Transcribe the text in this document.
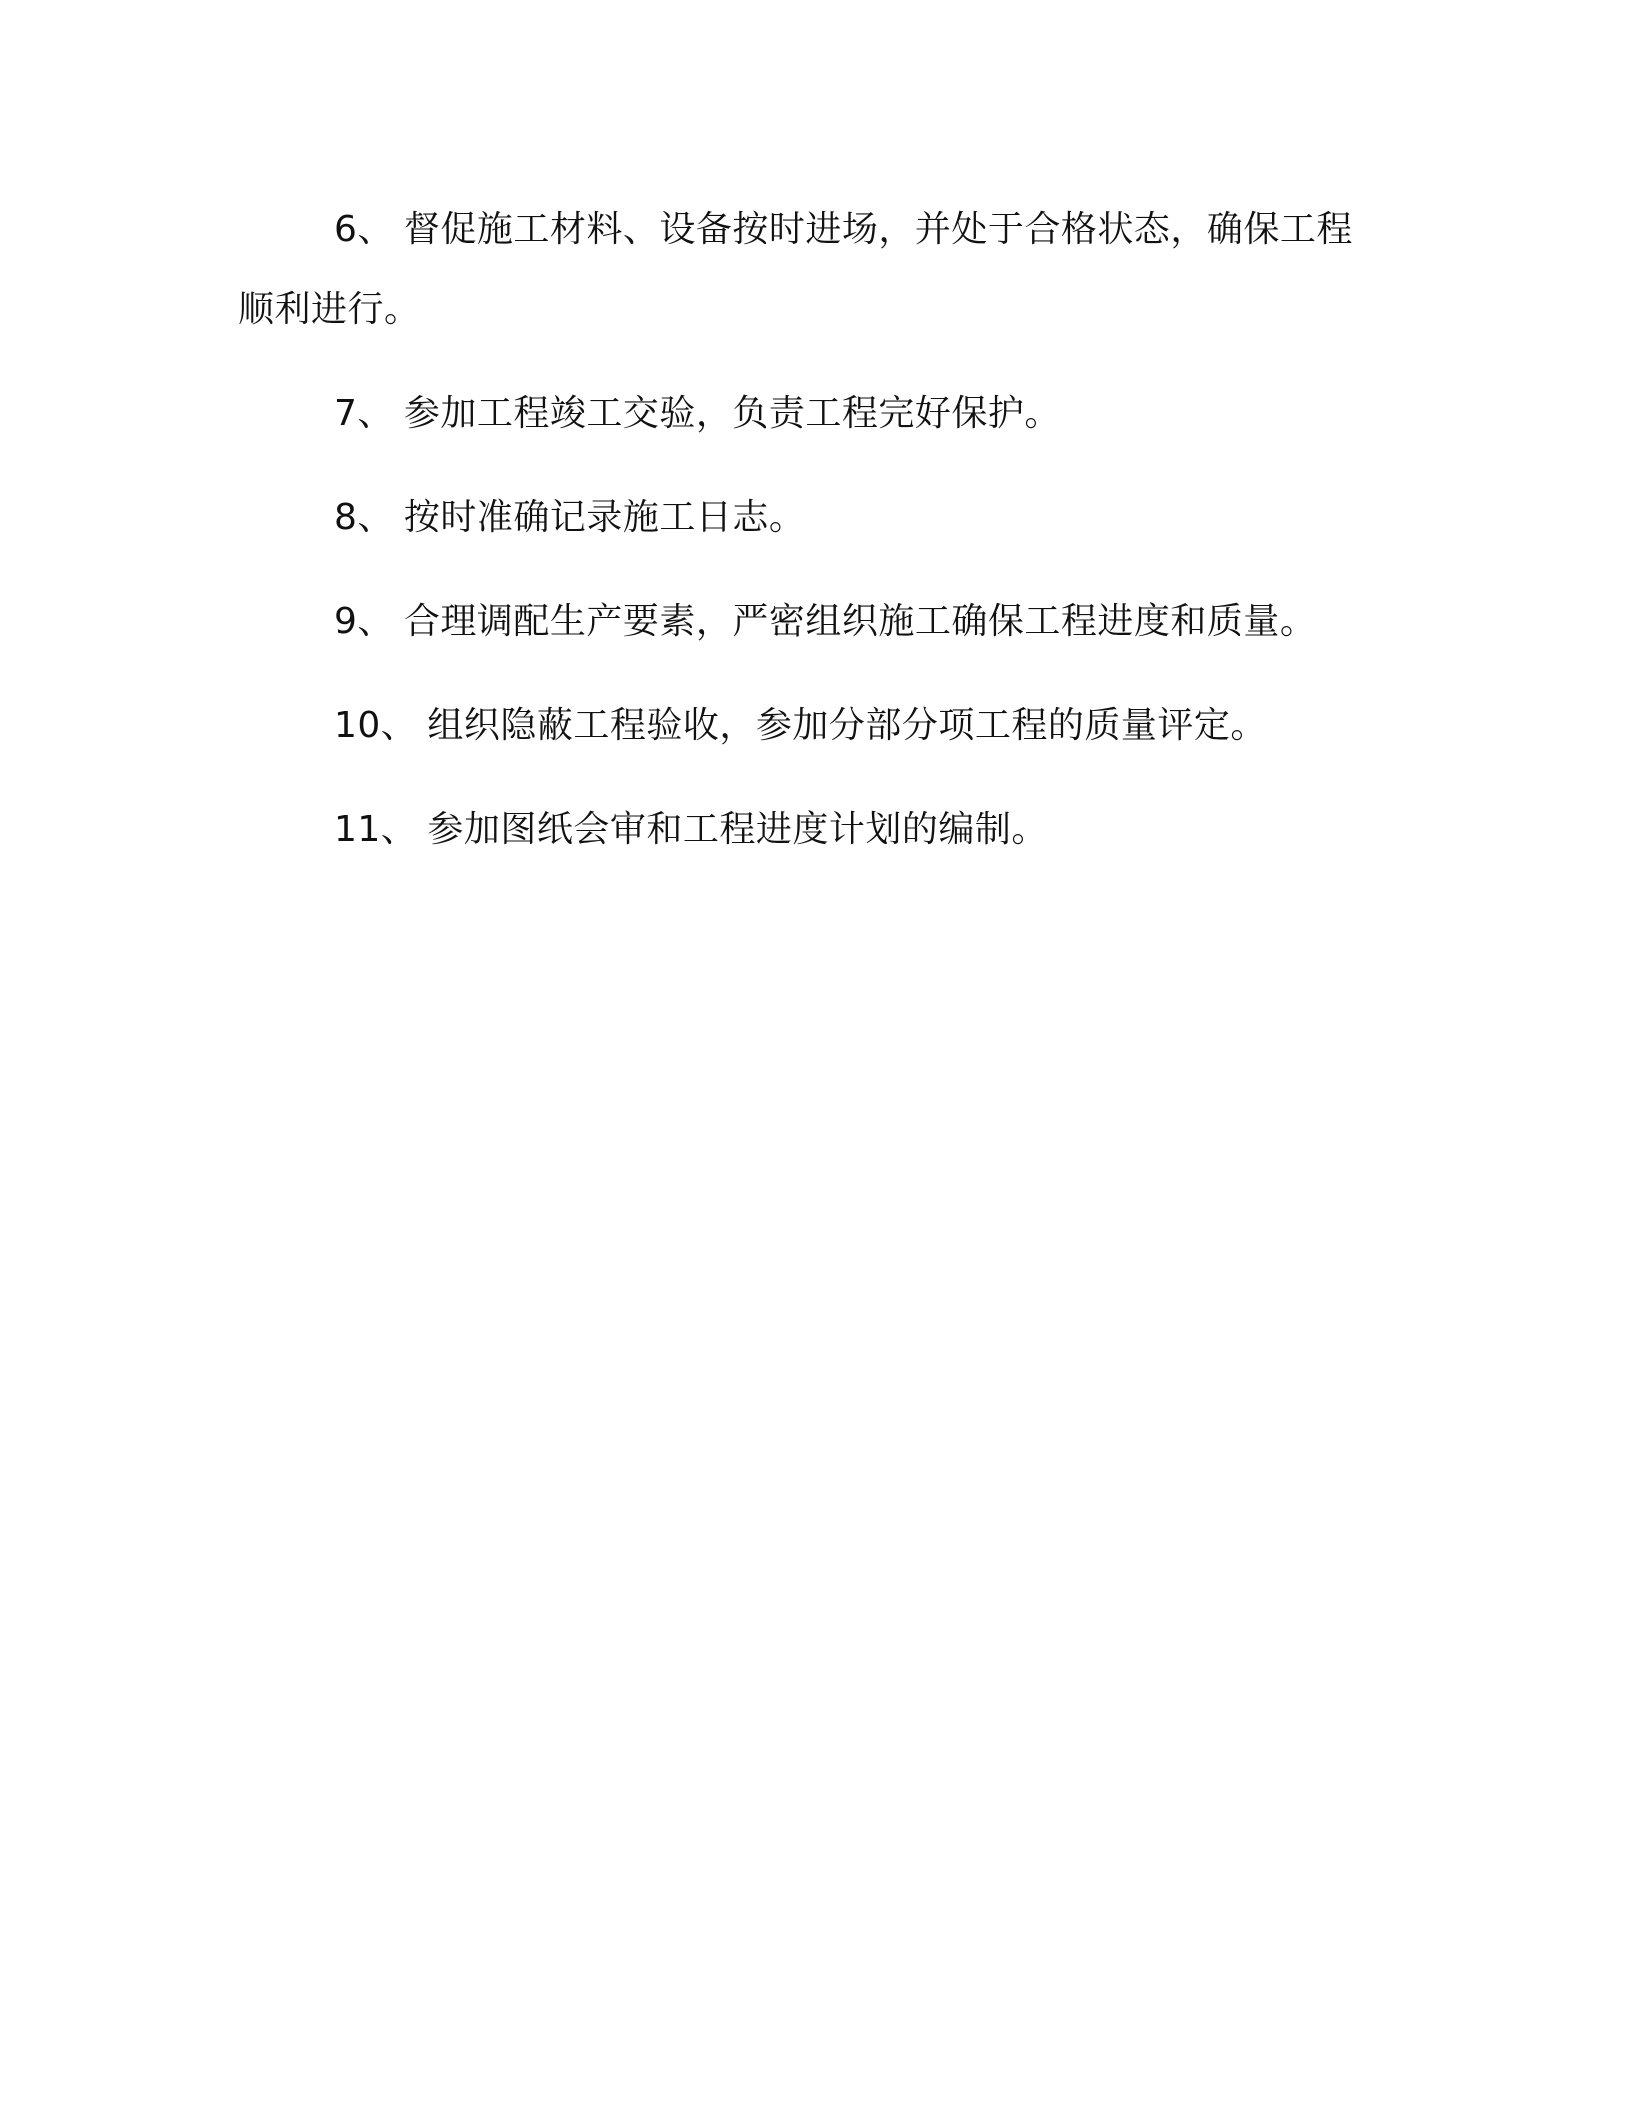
6、 督促施工材料、设备按时进场，并处于合格状态，确保工程顺利进行。

7、 参加工程竣工交验，负责工程完好保护。

8、 按时准确记录施工日志。

9、 合理调配生产要素，严密组织施工确保工程进度和质量。

10、 组织隐蔽工程验收，参加分部分项工程的质量评定。

11、 参加图纸会审和工程进度计划的编制。
